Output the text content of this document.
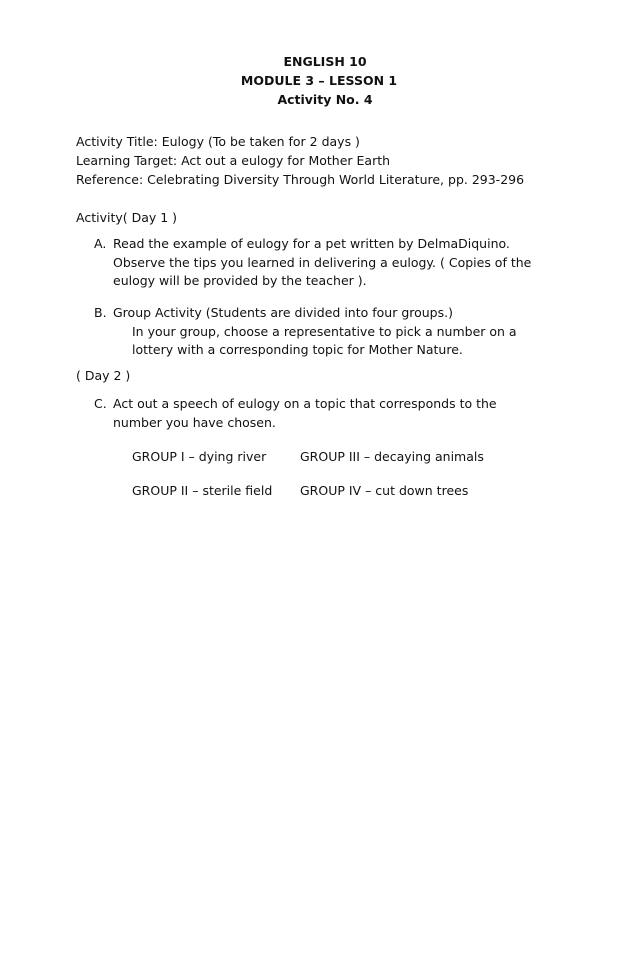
ENGLISH 10
MODULE 3 – LESSON 1
Activity No. 4
Activity Title: Eulogy (To be taken for 2 days )
Learning Target: Act out a eulogy for Mother Earth
Reference: Celebrating Diversity Through World Literature, pp. 293-296
Activity( Day 1 )
A. Read the example of eulogy for a pet written by DelmaDiquino.
Observe the tips you learned in delivering a eulogy. ( Copies of the
eulogy will be provided by the teacher ).
B. Group Activity (Students are divided into four groups.)
In your group, choose a representative to pick a number on a
lottery with a corresponding topic for Mother Nature.
( Day 2 )
C. Act out a speech of eulogy on a topic that corresponds to the
number you have chosen.
GROUP I – dying river	GROUP III – decaying animals
GROUP II – sterile field GROUP IV – cut down trees
